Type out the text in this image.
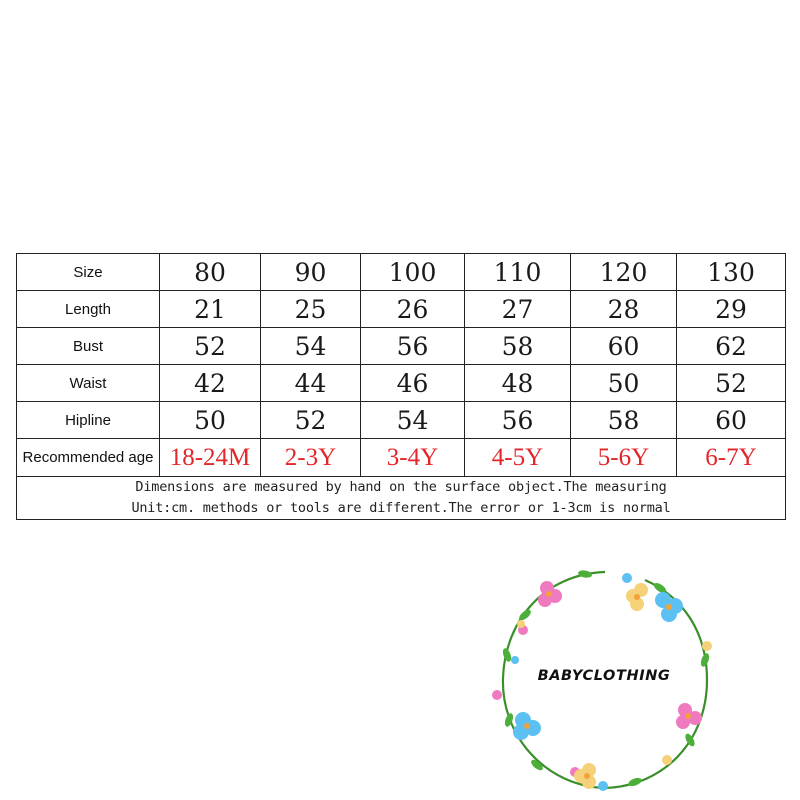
Size	80	90	100	110	120	130
Length	21	25	26	27	28	29
Bust	52	54	56	58	60	62
Waist	42	44	46	48	50	52
Hipline	50	52	54	56	58	60
Recommended age	18-24M	2-3Y	3-4Y	4-5Y	5-6Y	6-7Y

Dimensions are measured by hand on the surface object.The measuring
Unit:cm. methods or tools are different.The error or 1-3cm is normal						
BABYCLOTHING
